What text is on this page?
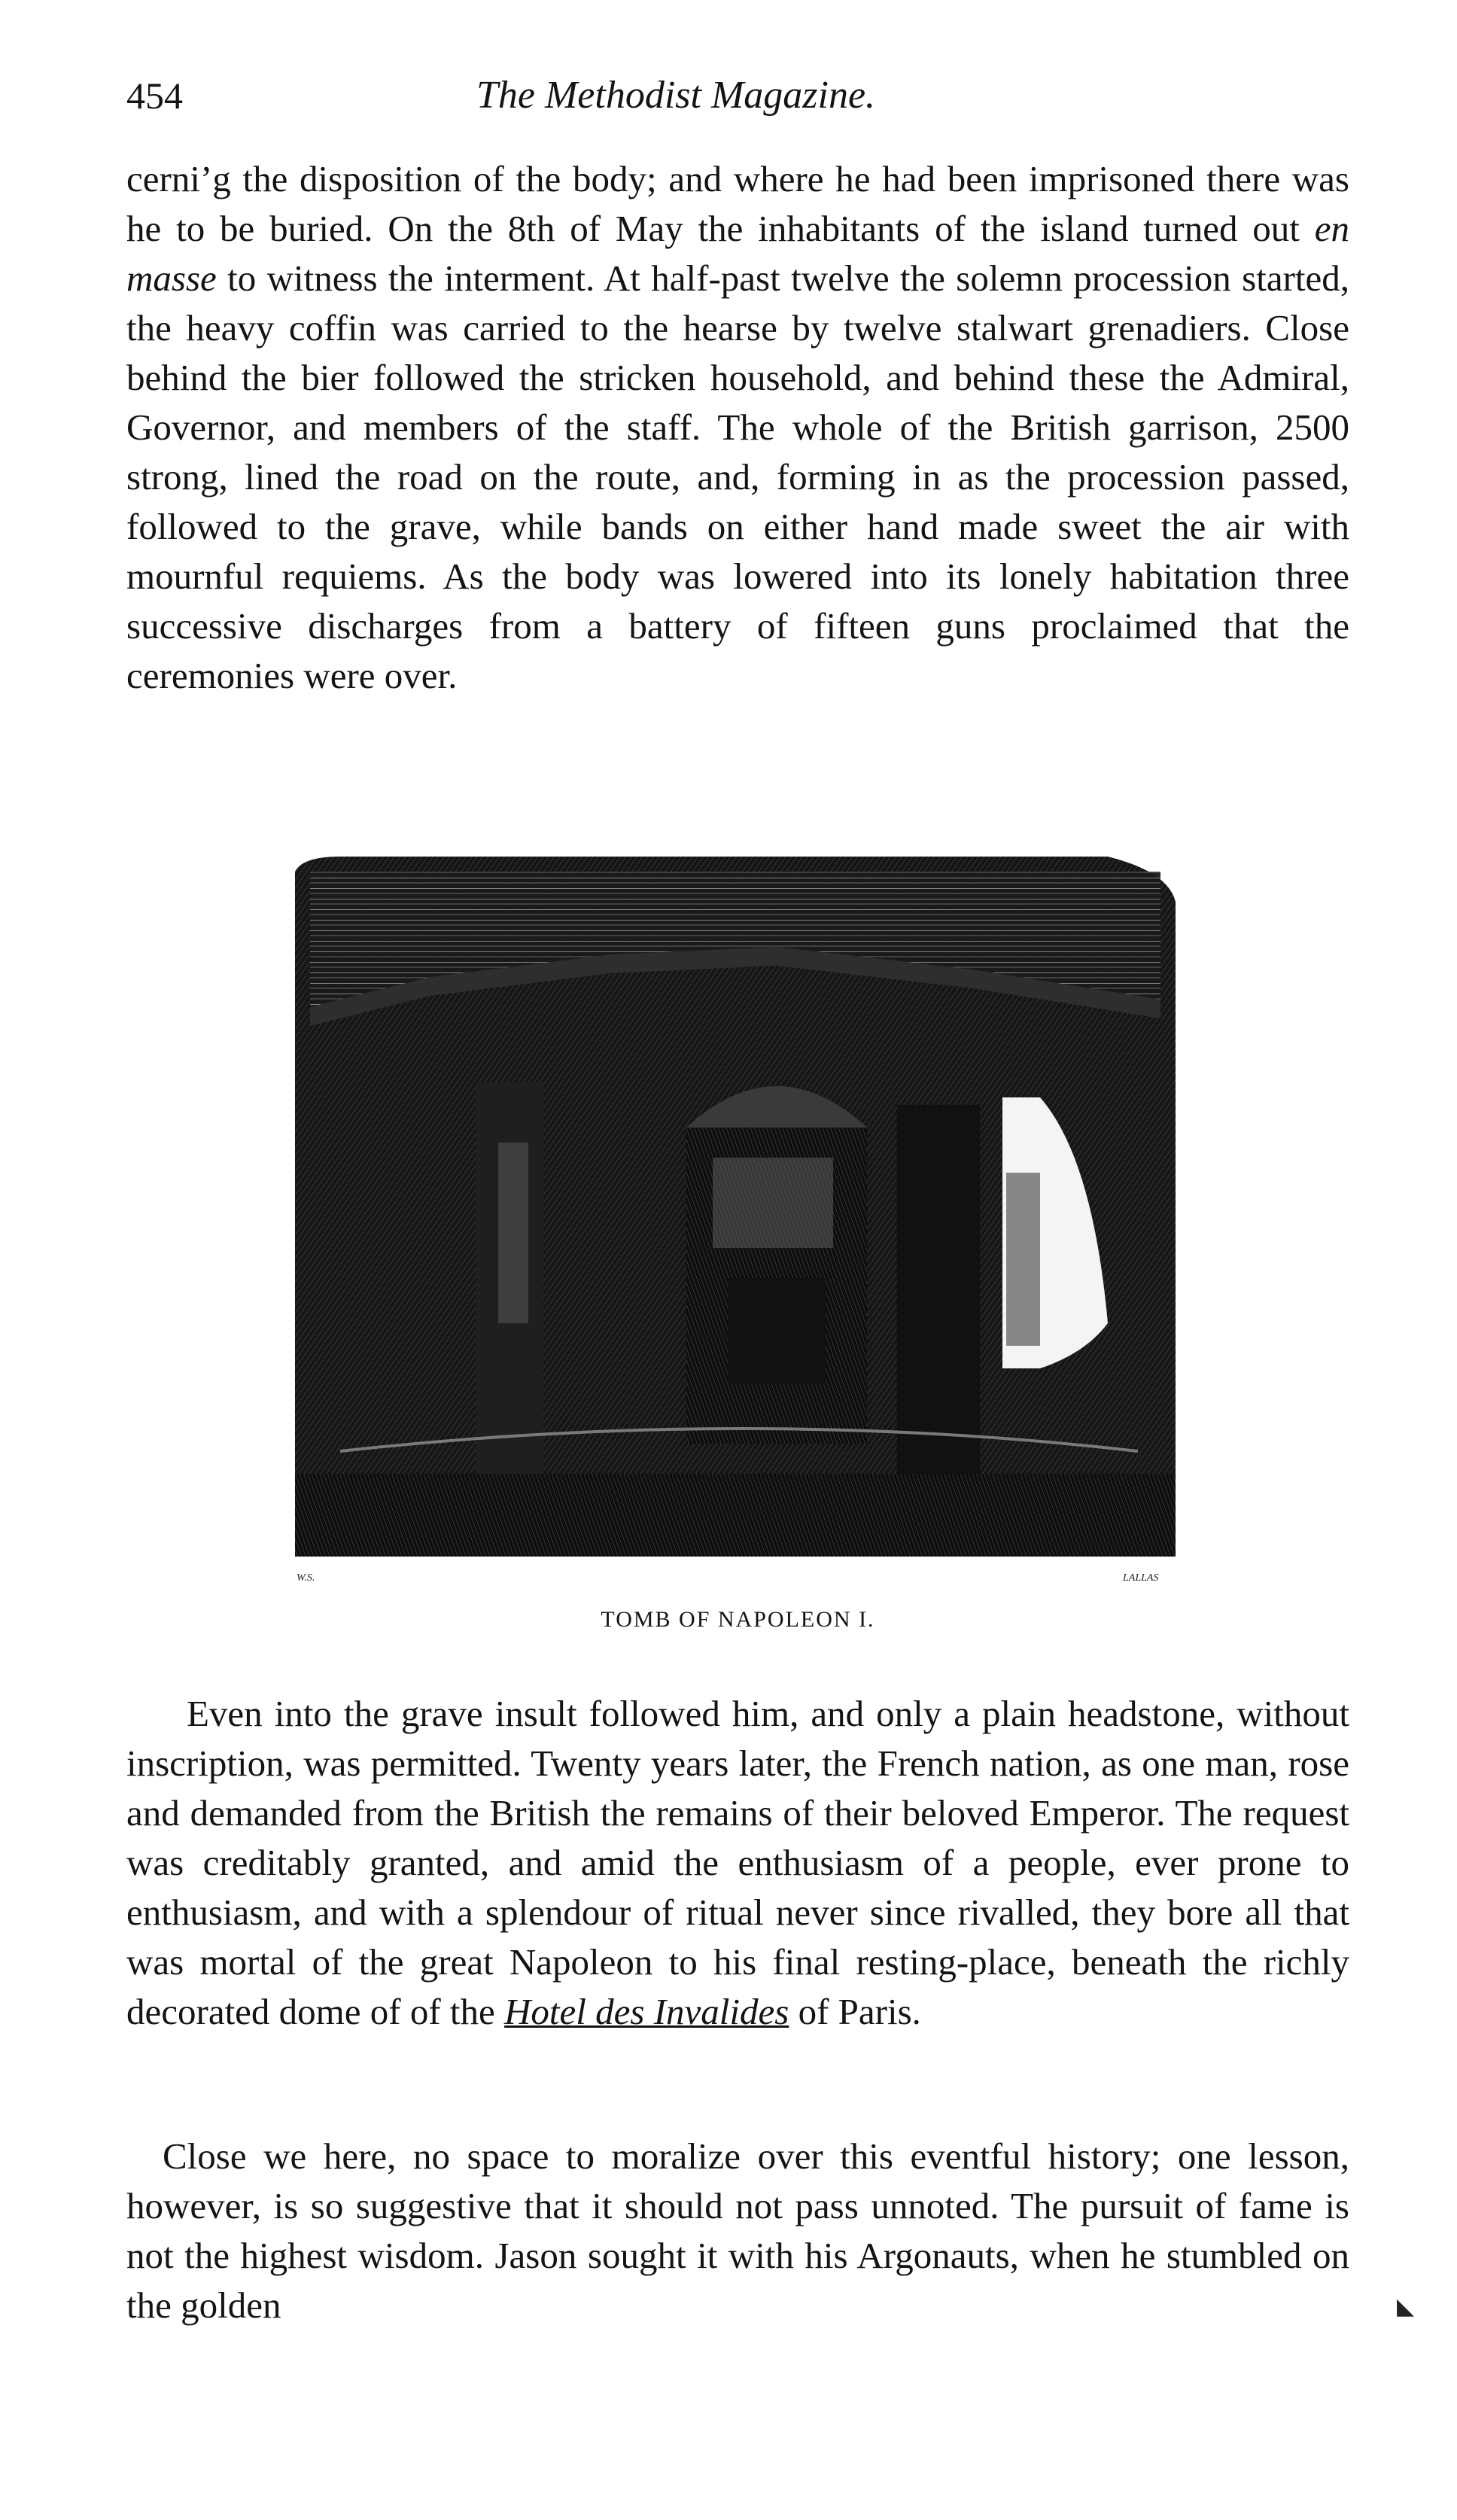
454	The Methodist Magazine.

cerni’g the disposition of the body; and where he had been imprisoned there was he to be buried. On the 8th of May the inhabitants of the island turned out en masse to witness the interment. At half-past twelve the solemn procession started, the heavy coffin was carried to the hearse by twelve stalwart grenadiers. Close behind the bier followed the stricken household, and behind these the Admiral, Governor, and members of the staff. The whole of the British garrison, 2500 strong, lined the road on the route, and, forming in as the procession passed, followed to the grave, while bands on either hand made sweet the air with mournful requiems. As the body was lowered into its lonely habitation three successive discharges from a battery of fifteen guns proclaimed that the ceremonies were over.

W.S.	LALLAS
TOMB OF NAPOLEON I.

Even into the grave insult followed him, and only a plain headstone, without inscription, was permitted. Twenty years later, the French nation, as one man, rose and demanded from the British the remains of their beloved Emperor. The request was creditably granted, and amid the enthusiasm of a people, ever prone to enthusiasm, and with a splendour of ritual never since rivalled, they bore all that was mortal of the great Napoleon to his final resting-place, beneath the richly decorated dome of of the Hotel des Invalides of Paris.

Close we here, no space to moralize over this eventful history; one lesson, however, is so suggestive that it should not pass unnoted. The pursuit of fame is not the highest wisdom. Jason sought it with his Argonauts, when he stumbled on the golden	◣
